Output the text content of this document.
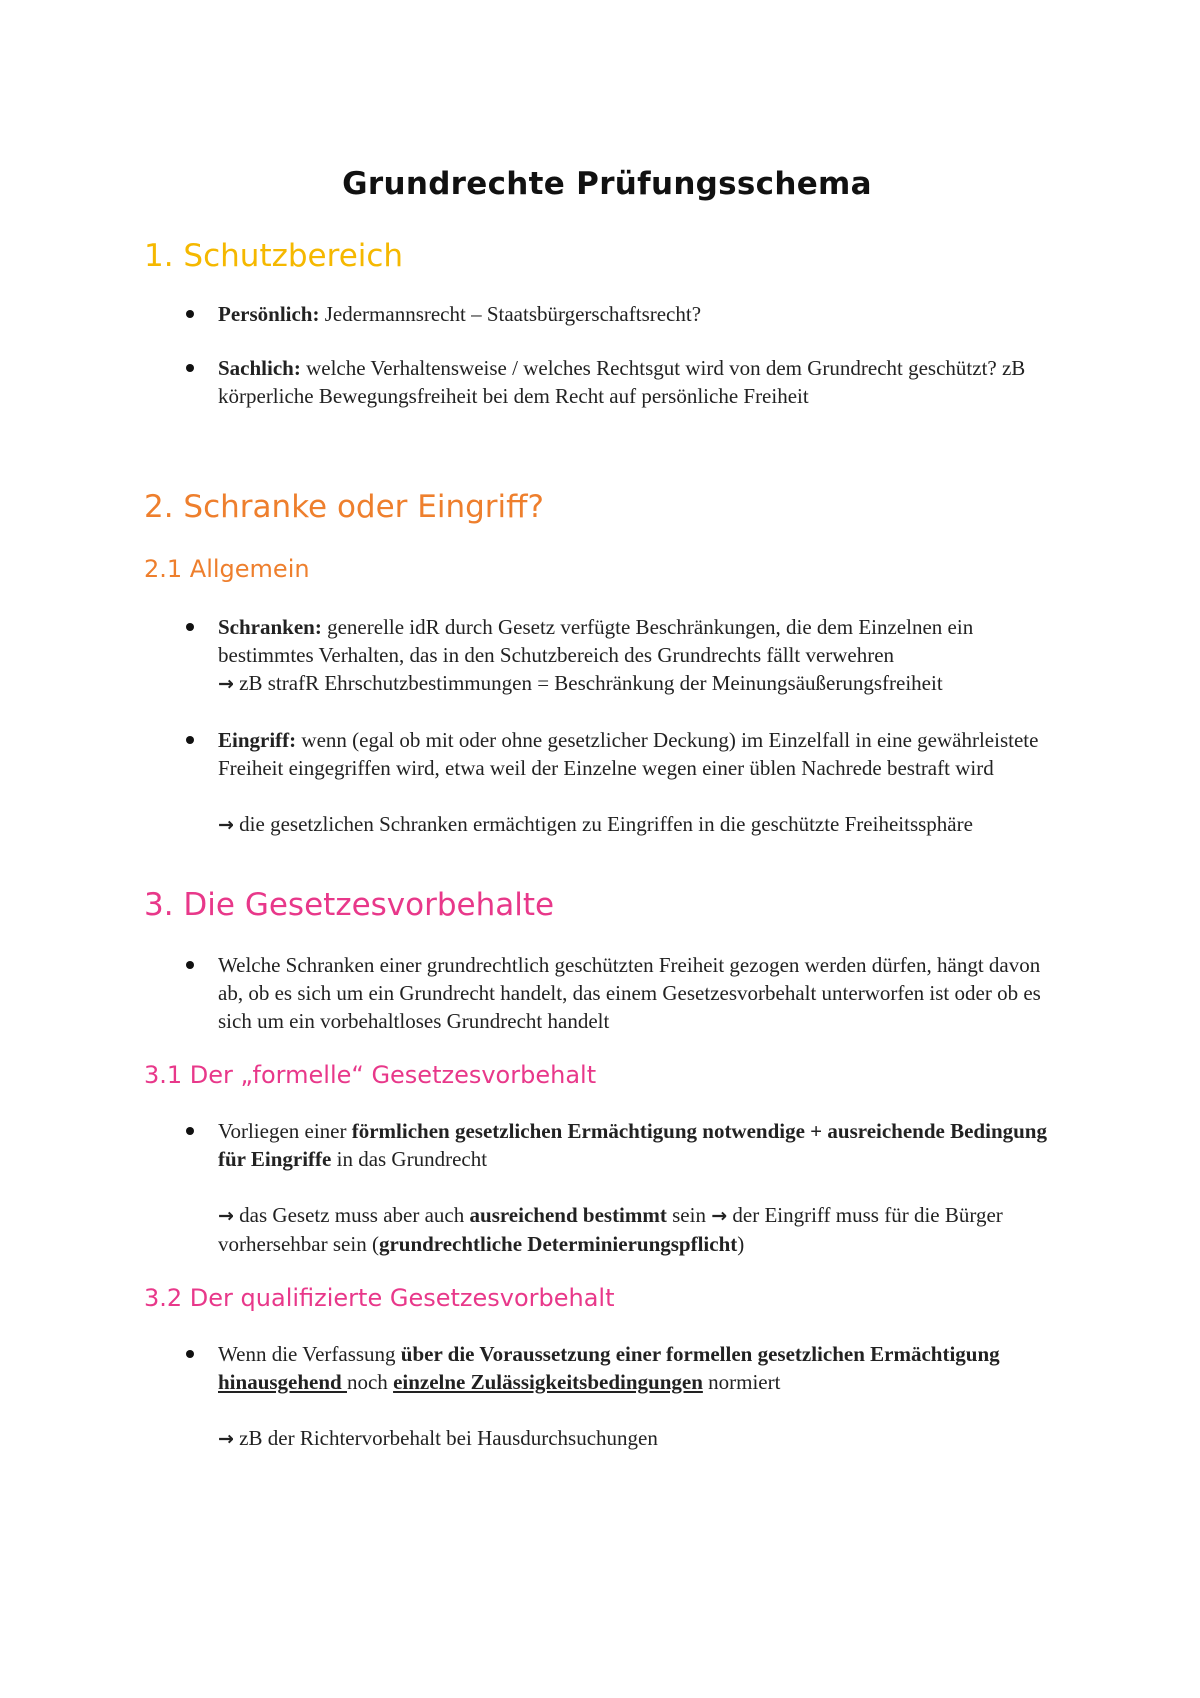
Grundrechte Prüfungsschema
1. Schutzbereich
Persönlich: Jedermannsrecht – Staatsbürgerschaftsrecht?
Sachlich: welche Verhaltensweise / welches Rechtsgut wird von dem Grundrecht geschützt? zB körperliche Bewegungsfreiheit bei dem Recht auf persönliche Freiheit
2. Schranke oder Eingriff?
2.1 Allgemein
Schranken: generelle idR durch Gesetz verfügte Beschränkungen, die dem Einzelnen ein bestimmtes Verhalten, das in den Schutzbereich des Grundrechts fällt verwehren
→ zB strafR Ehrschutzbestimmungen = Beschränkung der Meinungsäußerungsfreiheit
Eingriff: wenn (egal ob mit oder ohne gesetzlicher Deckung) im Einzelfall in eine gewährleistete Freiheit eingegriffen wird, etwa weil der Einzelne wegen einer üblen Nachrede bestraft wird
→ die gesetzlichen Schranken ermächtigen zu Eingriffen in die geschützte Freiheitssphäre
3. Die Gesetzesvorbehalte
Welche Schranken einer grundrechtlich geschützten Freiheit gezogen werden dürfen, hängt davon ab, ob es sich um ein Grundrecht handelt, das einem Gesetzesvorbehalt unterworfen ist oder ob es sich um ein vorbehaltloses Grundrecht handelt
3.1 Der „formelle“ Gesetzesvorbehalt
Vorliegen einer förmlichen gesetzlichen Ermächtigung notwendige + ausreichende Bedingung für Eingriffe in das Grundrecht
→ das Gesetz muss aber auch ausreichend bestimmt sein → der Eingriff muss für die Bürger vorhersehbar sein (grundrechtliche Determinierungspflicht)
3.2 Der qualifizierte Gesetzesvorbehalt
Wenn die Verfassung über die Voraussetzung einer formellen gesetzlichen Ermächtigung hinausgehend noch einzelne Zulässigkeitsbedingungen normiert
→ zB der Richtervorbehalt bei Hausdurchsuchungen
